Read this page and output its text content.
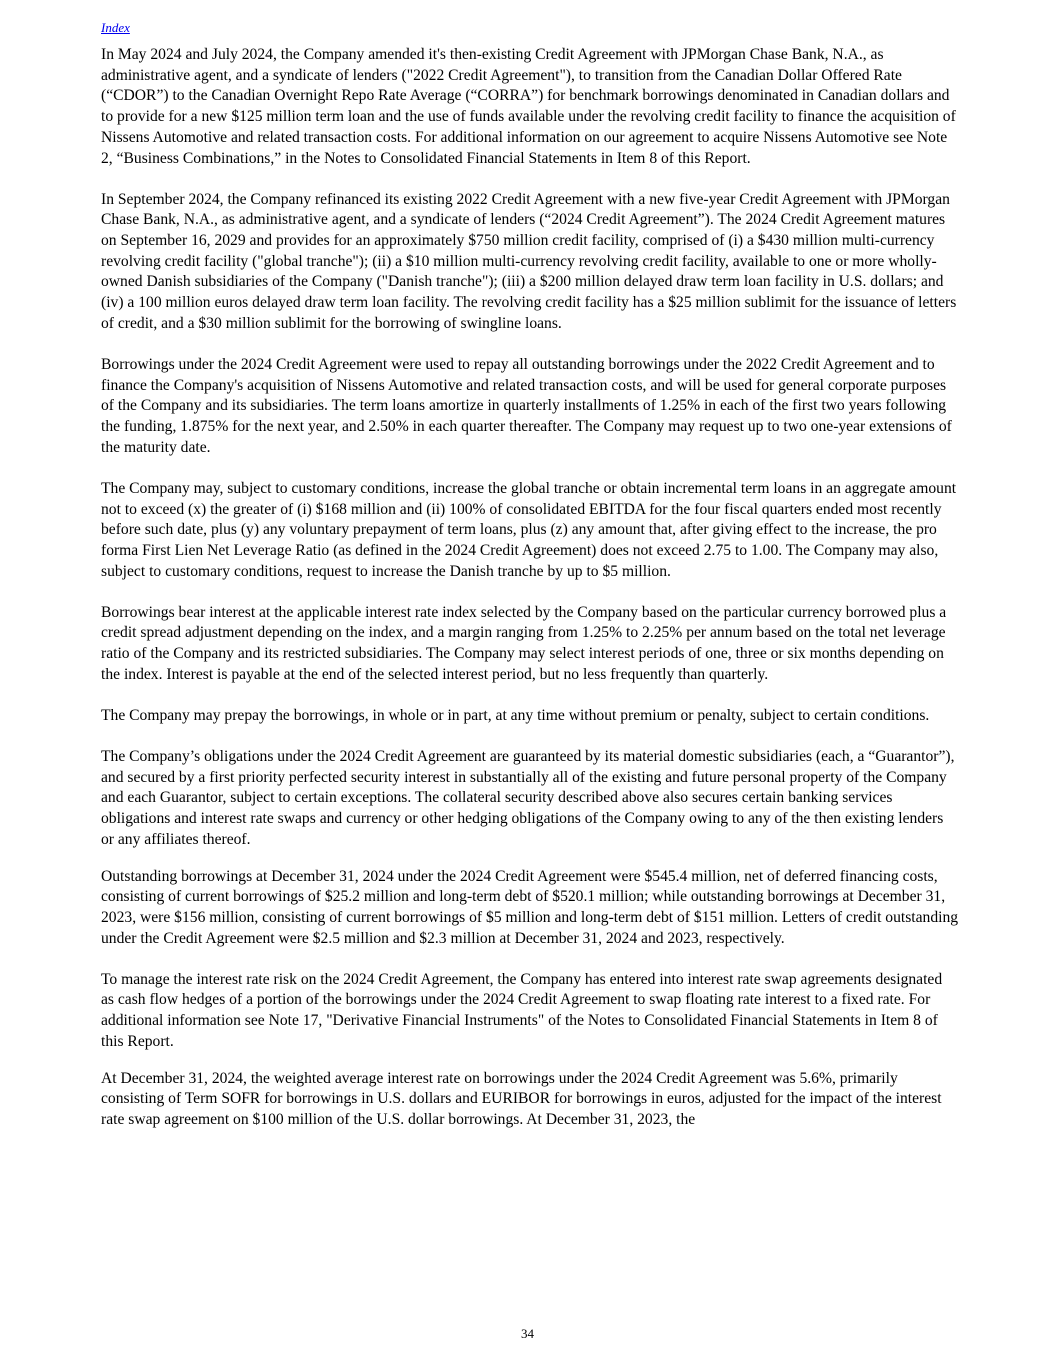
Index

In May 2024 and July 2024, the Company amended it's then-existing Credit Agreement with JPMorgan Chase Bank, N.A., as administrative agent, and a syndicate of lenders ("2022 Credit Agreement"), to transition from the Canadian Dollar Offered Rate (“CDOR”) to the Canadian Overnight Repo Rate Average (“CORRA”) for benchmark borrowings denominated in Canadian dollars and to provide for a new $125 million term loan and the use of funds available under the revolving credit facility to finance the acquisition of Nissens Automotive and related transaction costs. For additional information on our agreement to acquire Nissens Automotive see Note 2, “Business Combinations,” in the Notes to Consolidated Financial Statements in Item 8 of this Report.

In September 2024, the Company refinanced its existing 2022 Credit Agreement with a new five-year Credit Agreement with JPMorgan Chase Bank, N.A., as administrative agent, and a syndicate of lenders (“2024 Credit Agreement”). The 2024 Credit Agreement matures on September 16, 2029 and provides for an approximately $750 million credit facility, comprised of (i) a $430 million multi-currency revolving credit facility ("global tranche"); (ii) a $10 million multi-currency revolving credit facility, available to one or more wholly-owned Danish subsidiaries of the Company ("Danish tranche"); (iii) a $200 million delayed draw term loan facility in U.S. dollars; and (iv) a 100 million euros delayed draw term loan facility. The revolving credit facility has a $25 million sublimit for the issuance of letters of credit, and a $30 million sublimit for the borrowing of swingline loans.

Borrowings under the 2024 Credit Agreement were used to repay all outstanding borrowings under the 2022 Credit Agreement and to finance the Company's acquisition of Nissens Automotive and related transaction costs, and will be used for general corporate purposes of the Company and its subsidiaries. The term loans amortize in quarterly installments of 1.25% in each of the first two years following the funding, 1.875% for the next year, and 2.50% in each quarter thereafter. The Company may request up to two one-year extensions of the maturity date.

The Company may, subject to customary conditions, increase the global tranche or obtain incremental term loans in an aggregate amount not to exceed (x) the greater of (i) $168 million and (ii) 100% of consolidated EBITDA for the four fiscal quarters ended most recently before such date, plus (y) any voluntary prepayment of term loans, plus (z) any amount that, after giving effect to the increase, the pro forma First Lien Net Leverage Ratio (as defined in the 2024 Credit Agreement) does not exceed 2.75 to 1.00. The Company may also, subject to customary conditions, request to increase the Danish tranche by up to $5 million.

Borrowings bear interest at the applicable interest rate index selected by the Company based on the particular currency borrowed plus a credit spread adjustment depending on the index, and a margin ranging from 1.25% to 2.25% per annum based on the total net leverage ratio of the Company and its restricted subsidiaries. The Company may select interest periods of one, three or six months depending on the index. Interest is payable at the end of the selected interest period, but no less frequently than quarterly.

The Company may prepay the borrowings, in whole or in part, at any time without premium or penalty, subject to certain conditions.

The Company’s obligations under the 2024 Credit Agreement are guaranteed by its material domestic subsidiaries (each, a “Guarantor”), and secured by a first priority perfected security interest in substantially all of the existing and future personal property of the Company and each Guarantor, subject to certain exceptions. The collateral security described above also secures certain banking services obligations and interest rate swaps and currency or other hedging obligations of the Company owing to any of the then existing lenders or any affiliates thereof.

Outstanding borrowings at December 31, 2024 under the 2024 Credit Agreement were $545.4 million, net of deferred financing costs, consisting of current borrowings of $25.2 million and long-term debt of $520.1 million; while outstanding borrowings at December 31, 2023, were $156 million, consisting of current borrowings of $5 million and long-term debt of $151 million. Letters of credit outstanding under the Credit Agreement were $2.5 million and $2.3 million at December 31, 2024 and 2023, respectively.

To manage the interest rate risk on the 2024 Credit Agreement, the Company has entered into interest rate swap agreements designated as cash flow hedges of a portion of the borrowings under the 2024 Credit Agreement to swap floating rate interest to a fixed rate. For additional information see Note 17, "Derivative Financial Instruments" of the Notes to Consolidated Financial Statements in Item 8 of this Report.

At December 31, 2024, the weighted average interest rate on borrowings under the 2024 Credit Agreement was 5.6%, primarily consisting of Term SOFR for borrowings in U.S. dollars and EURIBOR for borrowings in euros, adjusted for the impact of the interest rate swap agreement on $100 million of the U.S. dollar borrowings. At December 31, 2023, the

34
